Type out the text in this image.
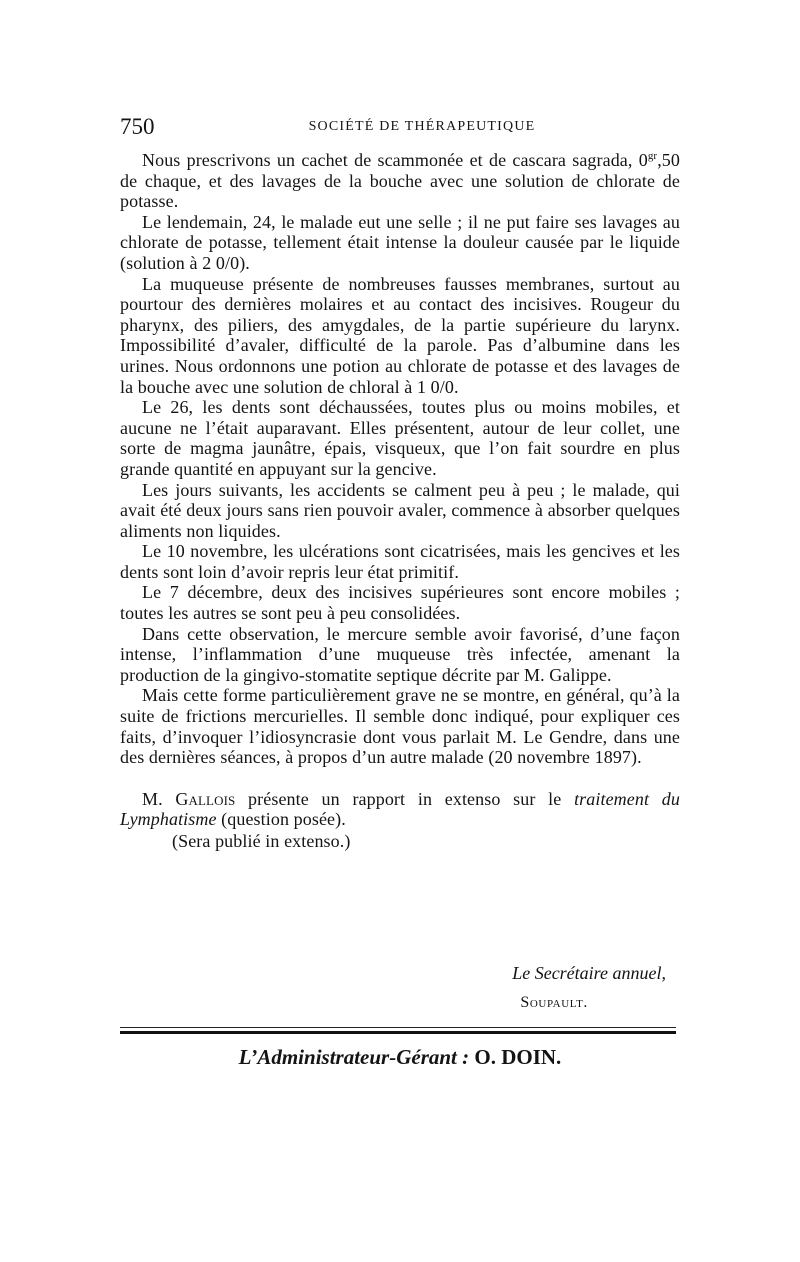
750	SOCIÉTÉ DE THÉRAPEUTIQUE

Nous prescrivons un cachet de scammonée et de cascara sagrada, $0^{gr},50$ de chaque, et des lavages de la bouche avec une solution de chlorate de potasse.

Le lendemain, 24, le malade eut une selle ; il ne put faire ses lavages au chlorate de potasse, tellement était intense la douleur causée par le liquide (solution à 2 0/0).

La muqueuse présente de nombreuses fausses membranes, surtout au pourtour des dernières molaires et au contact des incisives. Rougeur du pharynx, des piliers, des amygdales, de la partie supérieure du larynx. Impossibilité d’avaler, difficulté de la parole. Pas d’albumine dans les urines. Nous ordonnons une potion au chlorate de potasse et des lavages de la bouche avec une solution de chloral à 1 0/0.

Le 26, les dents sont déchaussées, toutes plus ou moins mobiles, et aucune ne l’était auparavant. Elles présentent, autour de leur collet, une sorte de magma jaunâtre, épais, visqueux, que l’on fait sourdre en plus grande quantité en appuyant sur la gencive.

Les jours suivants, les accidents se calment peu à peu ; le malade, qui avait été deux jours sans rien pouvoir avaler, commence à absorber quelques aliments non liquides.

Le 10 novembre, les ulcérations sont cicatrisées, mais les gencives et les dents sont loin d’avoir repris leur état primitif.

Le 7 décembre, deux des incisives supérieures sont encore mobiles ; toutes les autres se sont peu à peu consolidées.

Dans cette observation, le mercure semble avoir favorisé, d’une façon intense, l’inflammation d’une muqueuse très infectée, amenant la production de la gingivo-stomatite septique décrite par M. Galippe.

Mais cette forme particulièrement grave ne se montre, en général, qu’à la suite de frictions mercurielles. Il semble donc indiqué, pour expliquer ces faits, d’invoquer l’idiosyncrasie dont vous parlait M. Le Gendre, dans une des dernières séances, à propos d’un autre malade (20 novembre 1897).

M. Gallois présente un rapport in extenso sur le traitement du Lymphatisme (question posée).

(Sera publié in extenso.)

Le Secrétaire annuel,
Soupault.
L’Administrateur-Gérant : O. DOIN.
